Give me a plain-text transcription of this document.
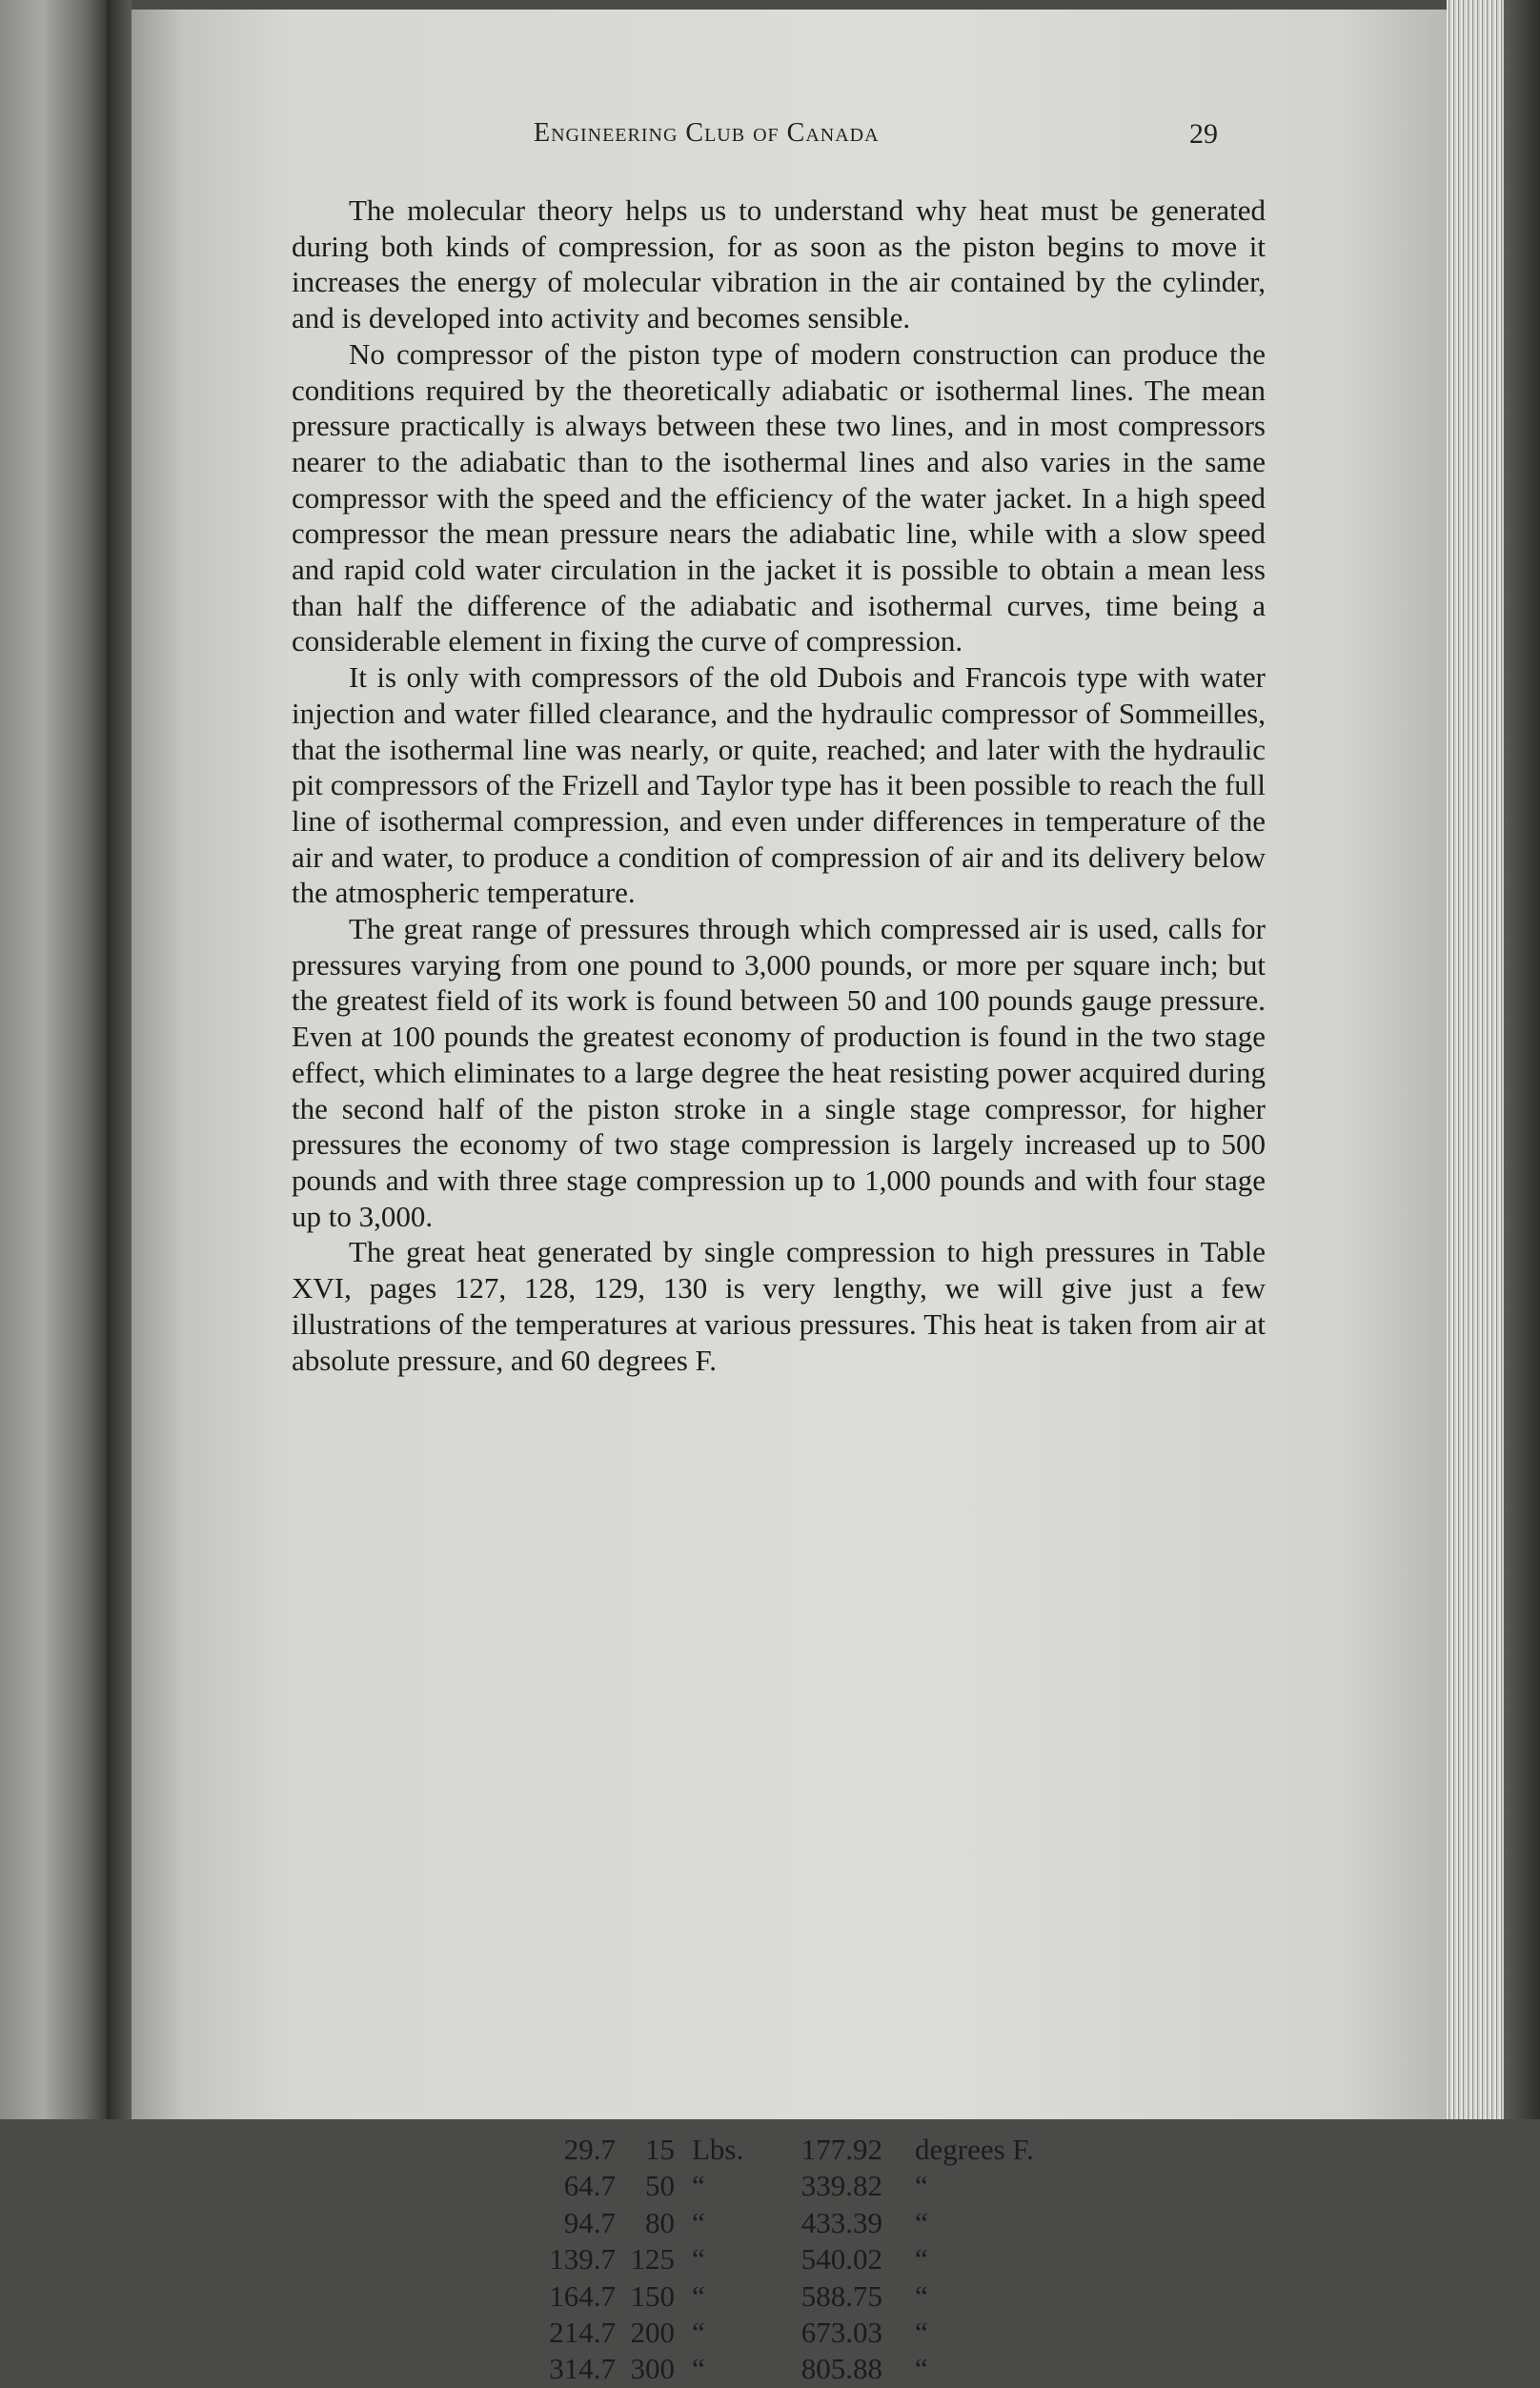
Engineering Club of Canada	29

The molecular theory helps us to understand why heat must be generated during both kinds of compression, for as soon as the piston begins to move it increases the energy of molecular vibration in the air contained by the cylinder, and is developed into activity and becomes sensible.

No compressor of the piston type of modern construction can produce the conditions required by the theoretically adiabatic or isothermal lines. The mean pressure practically is always between these two lines, and in most compressors nearer to the adiabatic than to the isothermal lines and also varies in the same compressor with the speed and the efficiency of the water jacket. In a high speed compressor the mean pressure nears the adiabatic line, while with a slow speed and rapid cold water circulation in the jacket it is possible to obtain a mean less than half the difference of the adiabatic and isothermal curves, time being a considerable element in fixing the curve of compression.

It is only with compressors of the old Dubois and Francois type with water injection and water filled clearance, and the hydraulic compressor of Sommeilles, that the isothermal line was nearly, or quite, reached; and later with the hydraulic pit compressors of the Frizell and Taylor type has it been possible to reach the full line of isothermal compression, and even under differences in temperature of the air and water, to produce a condition of compression of air and its delivery below the atmospheric temperature.

The great range of pressures through which compressed air is used, calls for pressures varying from one pound to 3,000 pounds, or more per square inch; but the greatest field of its work is found between 50 and 100 pounds gauge pressure. Even at 100 pounds the greatest economy of production is found in the two stage effect, which eliminates to a large degree the heat resisting power acquired during the second half of the piston stroke in a single stage compressor, for higher pressures the economy of two stage compression is largely increased up to 500 pounds and with three stage compression up to 1,000 pounds and with four stage up to 3,000.

The great heat generated by single compression to high pressures in Table XVI, pages 127, 128, 129, 130 is very lengthy, we will give just a few illustrations of the temperatures at various pressures. This heat is taken from air at absolute pressure, and 60 degrees F.

29.7	15 Lbs.	177.92 degrees F.
64.7	50 “	339.82 “
94.7	80 “	433.39 “
139.7 125 “	540.02 “
164.7 150 “	588.75 “
214.7 200 “	673.03 “
314.7 300 “	805.88 “
